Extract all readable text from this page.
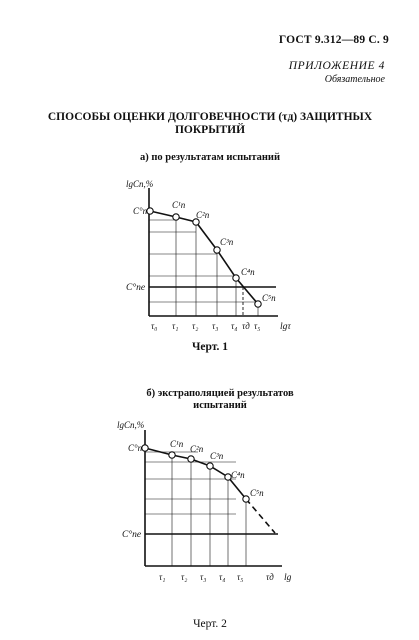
ГОСТ 9.312—89 С. 9
ПРИЛОЖЕНИЕ 4
Обязательное
СПОСОБЫ ОЦЕНКИ ДОЛГОВЕЧНОСТИ (τд) ЗАЩИТНЫХ
ПОКРЫТИЙ
а) по результатам испытаний
lgCn,%
lgτ
C°пе
C°n
C¹n
C²n
C³n
C⁴n
C⁵n
τ₀ τ₁ τ₂ τ₃ τ₄ τд τ₅
lgCn,%
lg
C°пе
C°n	C¹n C²n
C³n
C⁴n
C⁵n
τ₁ τ₂ τ₃ τ₄ τ₅	τд
Черт. 1
б) экстраполяцией результатов
испытаний
Черт. 2
